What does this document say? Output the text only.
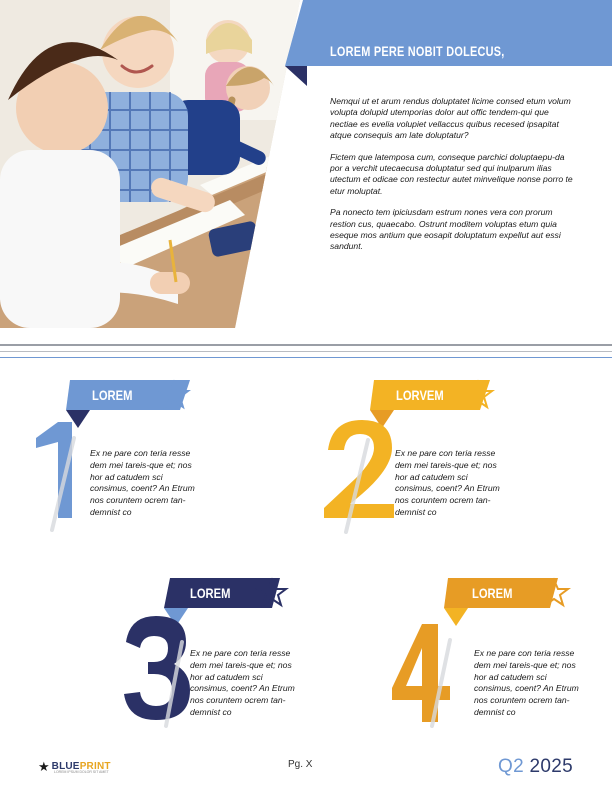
LOREM PERE NOBIT DOLECUS,

Nemqui ut et arum rendus doluptatet licime consed etum volum volupta dolupid utemporias dolor aut offic tendem-qui que nectiae es evelia volupiet vellaccus quibus recesed ipsapitat atque consequis am late doluptatur?

Fictem que latemposa cum, conseque parchici doluptaepu-da por a verchit utecaecusa doluptatur sed qui inulparum ilias utectum et odicae con restectur autet minvelique nonse porro te etur moluptat.

Pa nonecto tem ipiciusdam estrum nones vera con prorum restion cus, quaecabo. Ostrunt moditem voluptas etum quia eseque mos antium que eosapit doluptatum expellut aut essi sandunt.

LOREM
Ex ne pare con teria resse dem mei tareis-que et; nos hor ad catudem sci consimus, coent? An Etrum nos coruntem ocrem tan-demnist co
LORVEM
Ex ne pare con teria resse dem mei tareis-que et; nos hor ad catudem sci consimus, coent? An Etrum nos coruntem ocrem tan-demnist co
LOREM
Ex ne pare con teria resse dem mei tareis-que et; nos hor ad catudem sci consimus, coent? An Etrum nos coruntem ocrem tan-demnist co
LOREM
Ex ne pare con teria resse dem mei tareis-que et; nos hor ad catudem sci consimus, coent? An Etrum nos coruntem ocrem tan-demnist co
★ BLUEPRINT
LOREM IPSUM DOLOR SIT AMET
Pg. X	Q2 2025
